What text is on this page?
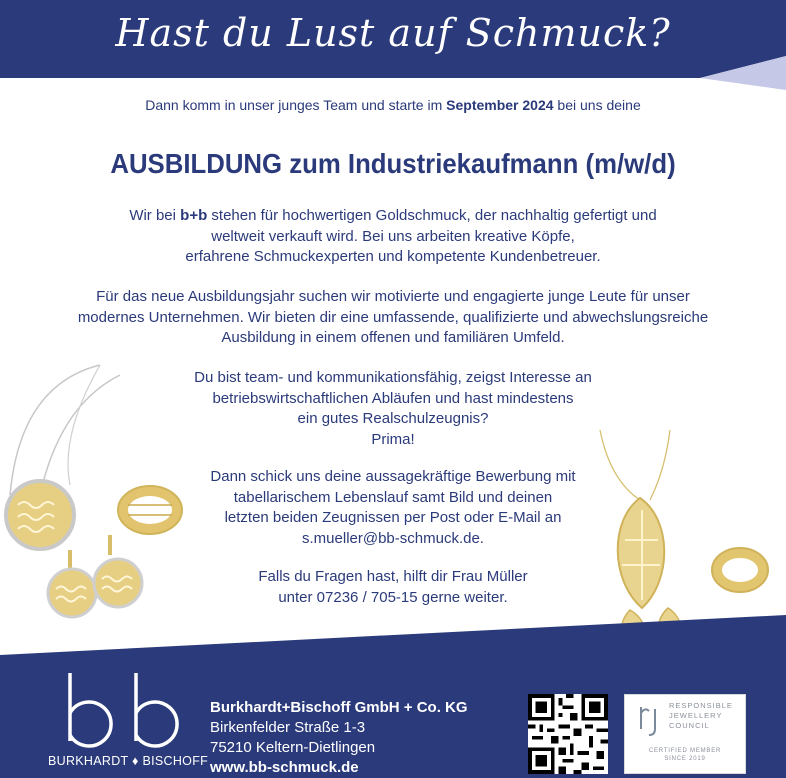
Hast du Lust auf Schmuck?
Dann komm in unser junges Team und starte im September 2024 bei uns deine
AUSBILDUNG zum Industriekaufmann (m/w/d)
Wir bei b+b stehen für hochwertigen Goldschmuck, der nachhaltig gefertigt und
weltweit verkauft wird. Bei uns arbeiten kreative Köpfe,
erfahrene Schmuckexperten und kompetente Kundenbetreuer.
Für das neue Ausbildungsjahr suchen wir motivierte und engagierte junge Leute für unser
modernes Unternehmen. Wir bieten dir eine umfassende, qualifizierte und abwechslungsreiche
Ausbildung in einem offenen und familiären Umfeld.
Du bist team- und kommunikationsfähig, zeigst Interesse an
betriebswirtschaftlichen Abläufen und hast mindestens
ein gutes Realschulzeugnis?
Prima!
Dann schick uns deine aussagekräftige Bewerbung mit
tabellarischem Lebenslauf samt Bild und deinen
letzten beiden Zeugnissen per Post oder E-Mail an
s.mueller@bb-schmuck.de.
Falls du Fragen hast, hilft dir Frau Müller
unter 07236 / 705-15 gerne weiter.
BURKHARDT ♦ BISCHOFF
Burkhardt+Bischoff GmbH + Co. KG
Birkenfelder Straße 1-3
75210 Keltern-Dietlingen
www.bb-schmuck.de
RESPONSIBLE JEWELLERY COUNCIL
CERTIFIED MEMBER
SINCE 2019
